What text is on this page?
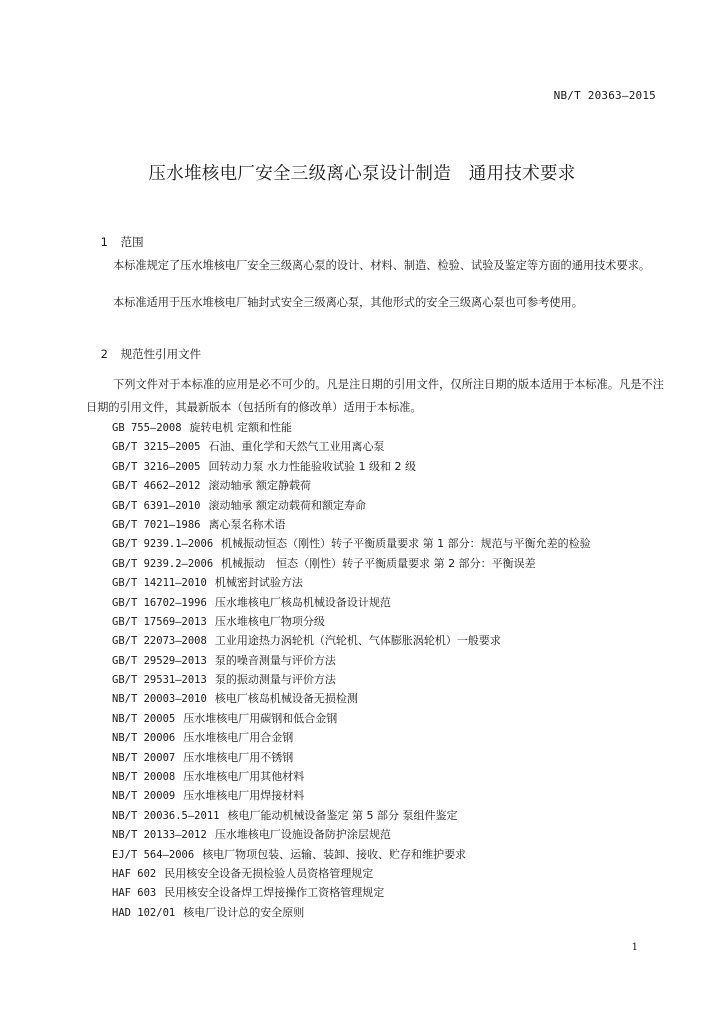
NB/T 20363—2015
压水堆核电厂安全三级离心泵设计制造　通用技术要求

1 范围

本标准规定了压水堆核电厂安全三级离心泵的设计、材料、制造、检验、试验及鉴定等方面的通用技术要求。
本标准适用于压水堆核电厂轴封式安全三级离心泵，其他形式的安全三级离心泵也可参考使用。

2 规范性引用文件

下列文件对于本标准的应用是必不可少的。凡是注日期的引用文件，仅所注日期的版本适用于本标准。凡是不注日期的引用文件，其最新版本（包括所有的修改单）适用于本标准。
GB 755—2008 旋转电机 定额和性能
GB/T 3215—2005 石油、重化学和天然气工业用离心泵
GB/T 3216—2005 回转动力泵 水力性能验收试验 1 级和 2 级
GB/T 4662—2012 滚动轴承 额定静载荷
GB/T 6391—2010 滚动轴承 额定动载荷和额定寿命
GB/T 7021—1986 离心泵名称术语
GB/T 9239.1—2006 机械振动恒态（刚性）转子平衡质量要求 第 1 部分：规范与平衡允差的检验
GB/T 9239.2—2006 机械振动　恒态（刚性）转子平衡质量要求 第 2 部分：平衡误差
GB/T 14211—2010 机械密封试验方法
GB/T 16702—1996 压水堆核电厂核岛机械设备设计规范
GB/T 17569—2013 压水堆核电厂物项分级
GB/T 22073—2008 工业用途热力涡轮机（汽轮机、气体膨胀涡轮机）一般要求
GB/T 29529—2013 泵的噪音测量与评价方法
GB/T 29531—2013 泵的振动测量与评价方法
NB/T 20003—2010 核电厂核岛机械设备无损检测
NB/T 20005 压水堆核电厂用碳钢和低合金钢
NB/T 20006 压水堆核电厂用合金钢
NB/T 20007 压水堆核电厂用不锈钢
NB/T 20008 压水堆核电厂用其他材料
NB/T 20009 压水堆核电厂用焊接材料
NB/T 20036.5—2011 核电厂能动机械设备鉴定 第 5 部分 泵组件鉴定
NB/T 20133—2012 压水堆核电厂设施设备防护涂层规范
EJ/T 564—2006 核电厂物项包装、运输、装卸、接收、贮存和维护要求
HAF 602 民用核安全设备无损检验人员资格管理规定
HAF 603 民用核安全设备焊工焊接操作工资格管理规定
HAD 102/01 核电厂设计总的安全原则
1
